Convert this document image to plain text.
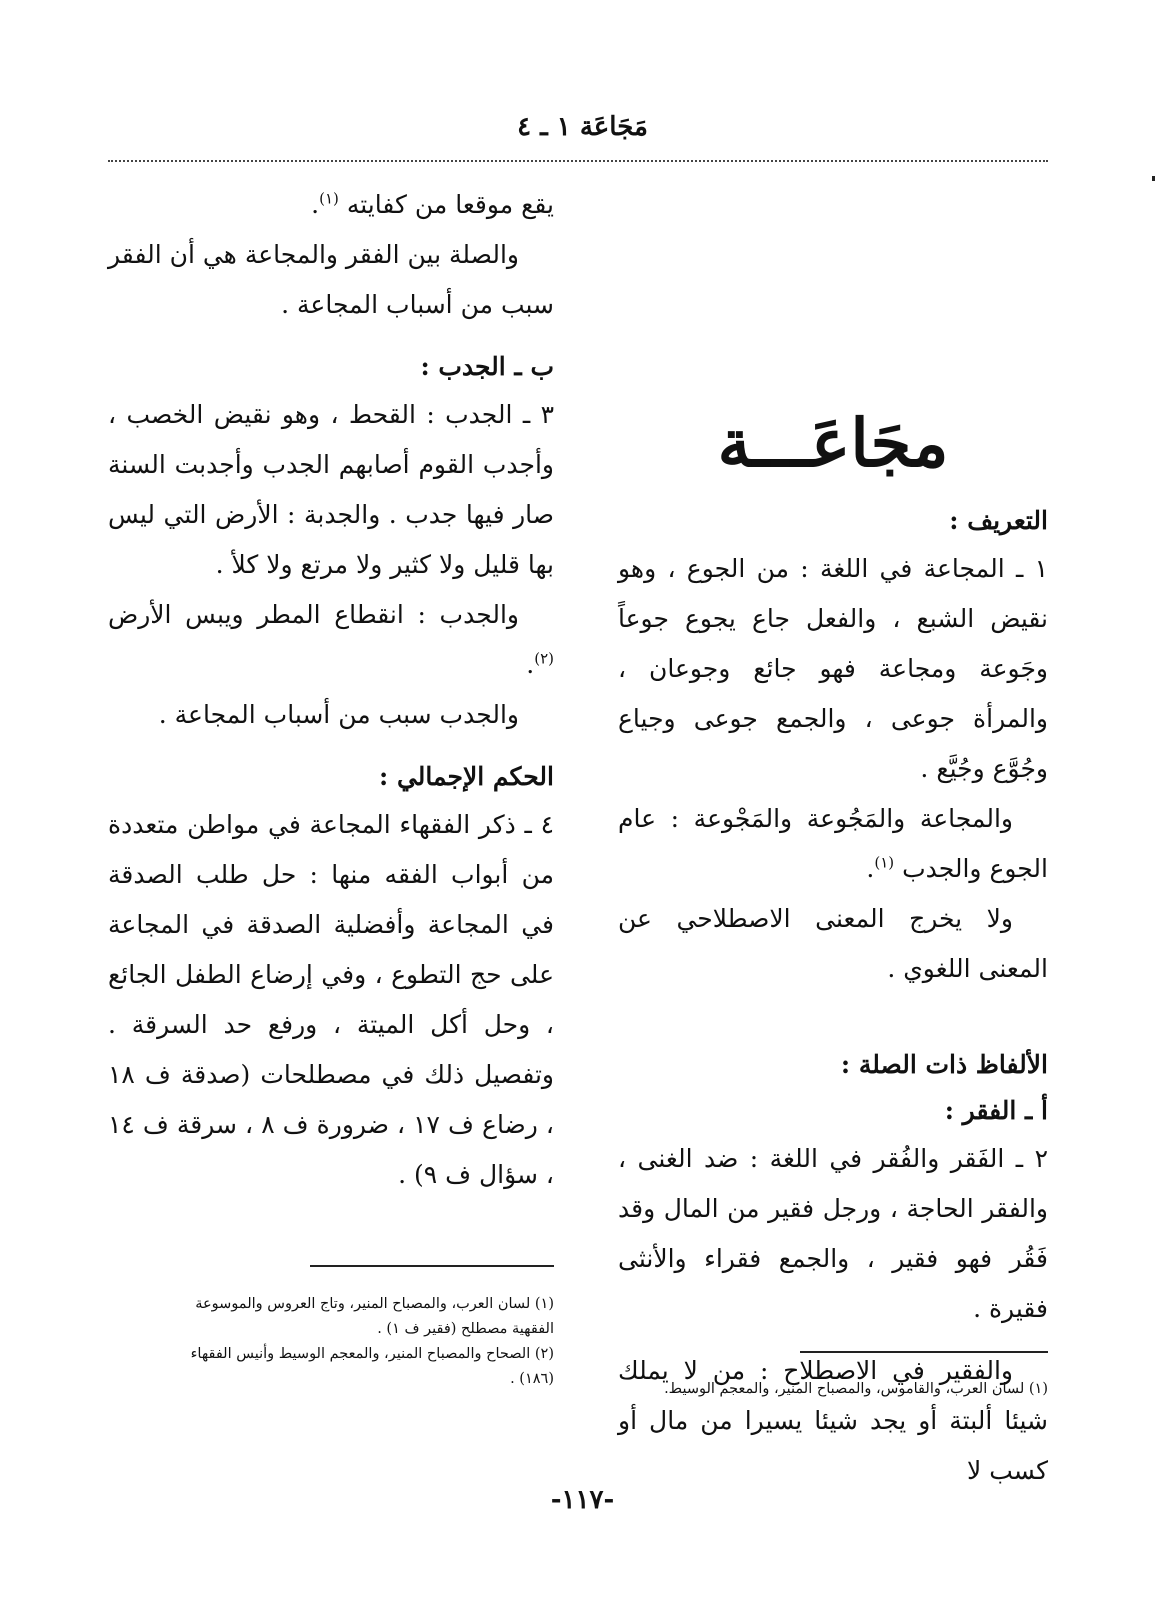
مَجَاعَة ١ ـ ٤
مجَاعَـــة

التعريف :

١ ـ المجاعة في اللغة : من الجوع ، وهو نقيض الشبع ، والفعل جاع يجوع جوعاً وجَوعة ومجاعة فهو جائع وجوعان ، والمرأة جوعى ، والجمع جوعى وجياع وجُوَّع وجُيَّع .

والمجاعة والمَجُوعة والمَجْوعة : عام الجوع والجدب $^{(١)}$.

ولا يخرج المعنى الاصطلاحي عن المعنى اللغوي .

الألفاظ ذات الصلة :

أ ـ الفقر :

٢ ـ الفَقر والفُقر في اللغة : ضد الغنى ، والفقر الحاجة ، ورجل فقير من المال وقد فَقُر فهو فقير ، والجمع فقراء والأنثى فقيرة .

والفقير في الاصطلاح : من لا يملك شيئا ألبتة أو يجد شيئا يسيرا من مال أو كسب لا

يقع موقعا من كفايته $^{(١)}$.

والصلة بين الفقر والمجاعة هي أن الفقر سبب من أسباب المجاعة .

ب ـ الجدب :

٣ ـ الجدب : القحط ، وهو نقيض الخصب ، وأجدب القوم أصابهم الجدب وأجدبت السنة صار فيها جدب . والجدبة : الأرض التي ليس بها قليل ولا كثير ولا مرتع ولا كلأ .

والجدب : انقطاع المطر ويبس الأرض $^{(٢)}$.

والجدب سبب من أسباب المجاعة .

الحكم الإجمالي :

٤ ـ ذكر الفقهاء المجاعة في مواطن متعددة من أبواب الفقه منها : حل طلب الصدقة في المجاعة وأفضلية الصدقة في المجاعة على حج التطوع ، وفي إرضاع الطفل الجائع ، وحل أكل الميتة ، ورفع حد السرقة . وتفصيل ذلك في مصطلحات (صدقة ف ١٨ ، رضاع ف ١٧ ، ضرورة ف ٨ ، سرقة ف ١٤ ، سؤال ف ٩) .

(١) لسان العرب، والمصباح المنير، وتاج العروس والموسوعة الفقهية مصطلح (فقير ف ١) .
(٢) الصحاح والمصباح المنير، والمعجم الوسيط وأنيس الفقهاء (١٨٦) .
(١) لسان العرب، والقاموس، والمصباح المنير، والمعجم الوسيط.
-١١٧-
